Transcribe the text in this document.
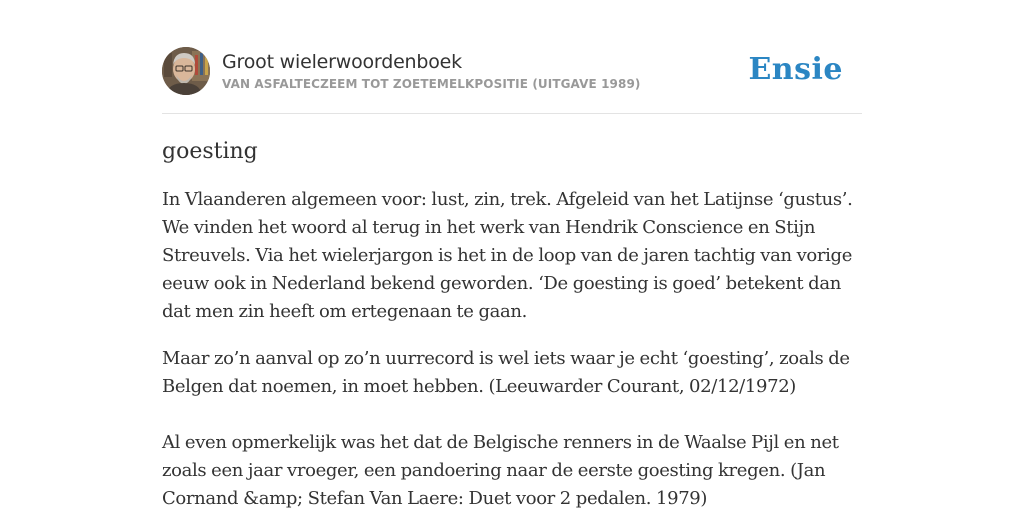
Groot wielerwoordenboek
VAN ASFALTECZEEM TOT ZOETEMELKPOSITIE (UITGAVE 1989)	Ensie
goesting

In Vlaanderen algemeen voor: lust, zin, trek. Afgeleid van het Latijnse ‘gustus’. We vinden het woord al terug in het werk van Hendrik Conscience en Stijn Streuvels. Via het wielerjargon is het in de loop van de jaren tachtig van vorige eeuw ook in Nederland bekend geworden. ‘De goesting is goed’ betekent dan dat men zin heeft om ertegenaan te gaan.

Maar zo’n aanval op zo’n uurrecord is wel iets waar je echt ‘goesting’, zoals de Belgen dat noemen, in moet hebben. (Leeuwarder Courant, 02/12/1972)

Al even opmerkelijk was het dat de Belgische renners in de Waalse Pijl en net zoals een jaar vroeger, een pandoering naar de eerste goesting kregen. (Jan Cornand &amp; Stefan Van Laere: Duet voor 2 pedalen. 1979)
